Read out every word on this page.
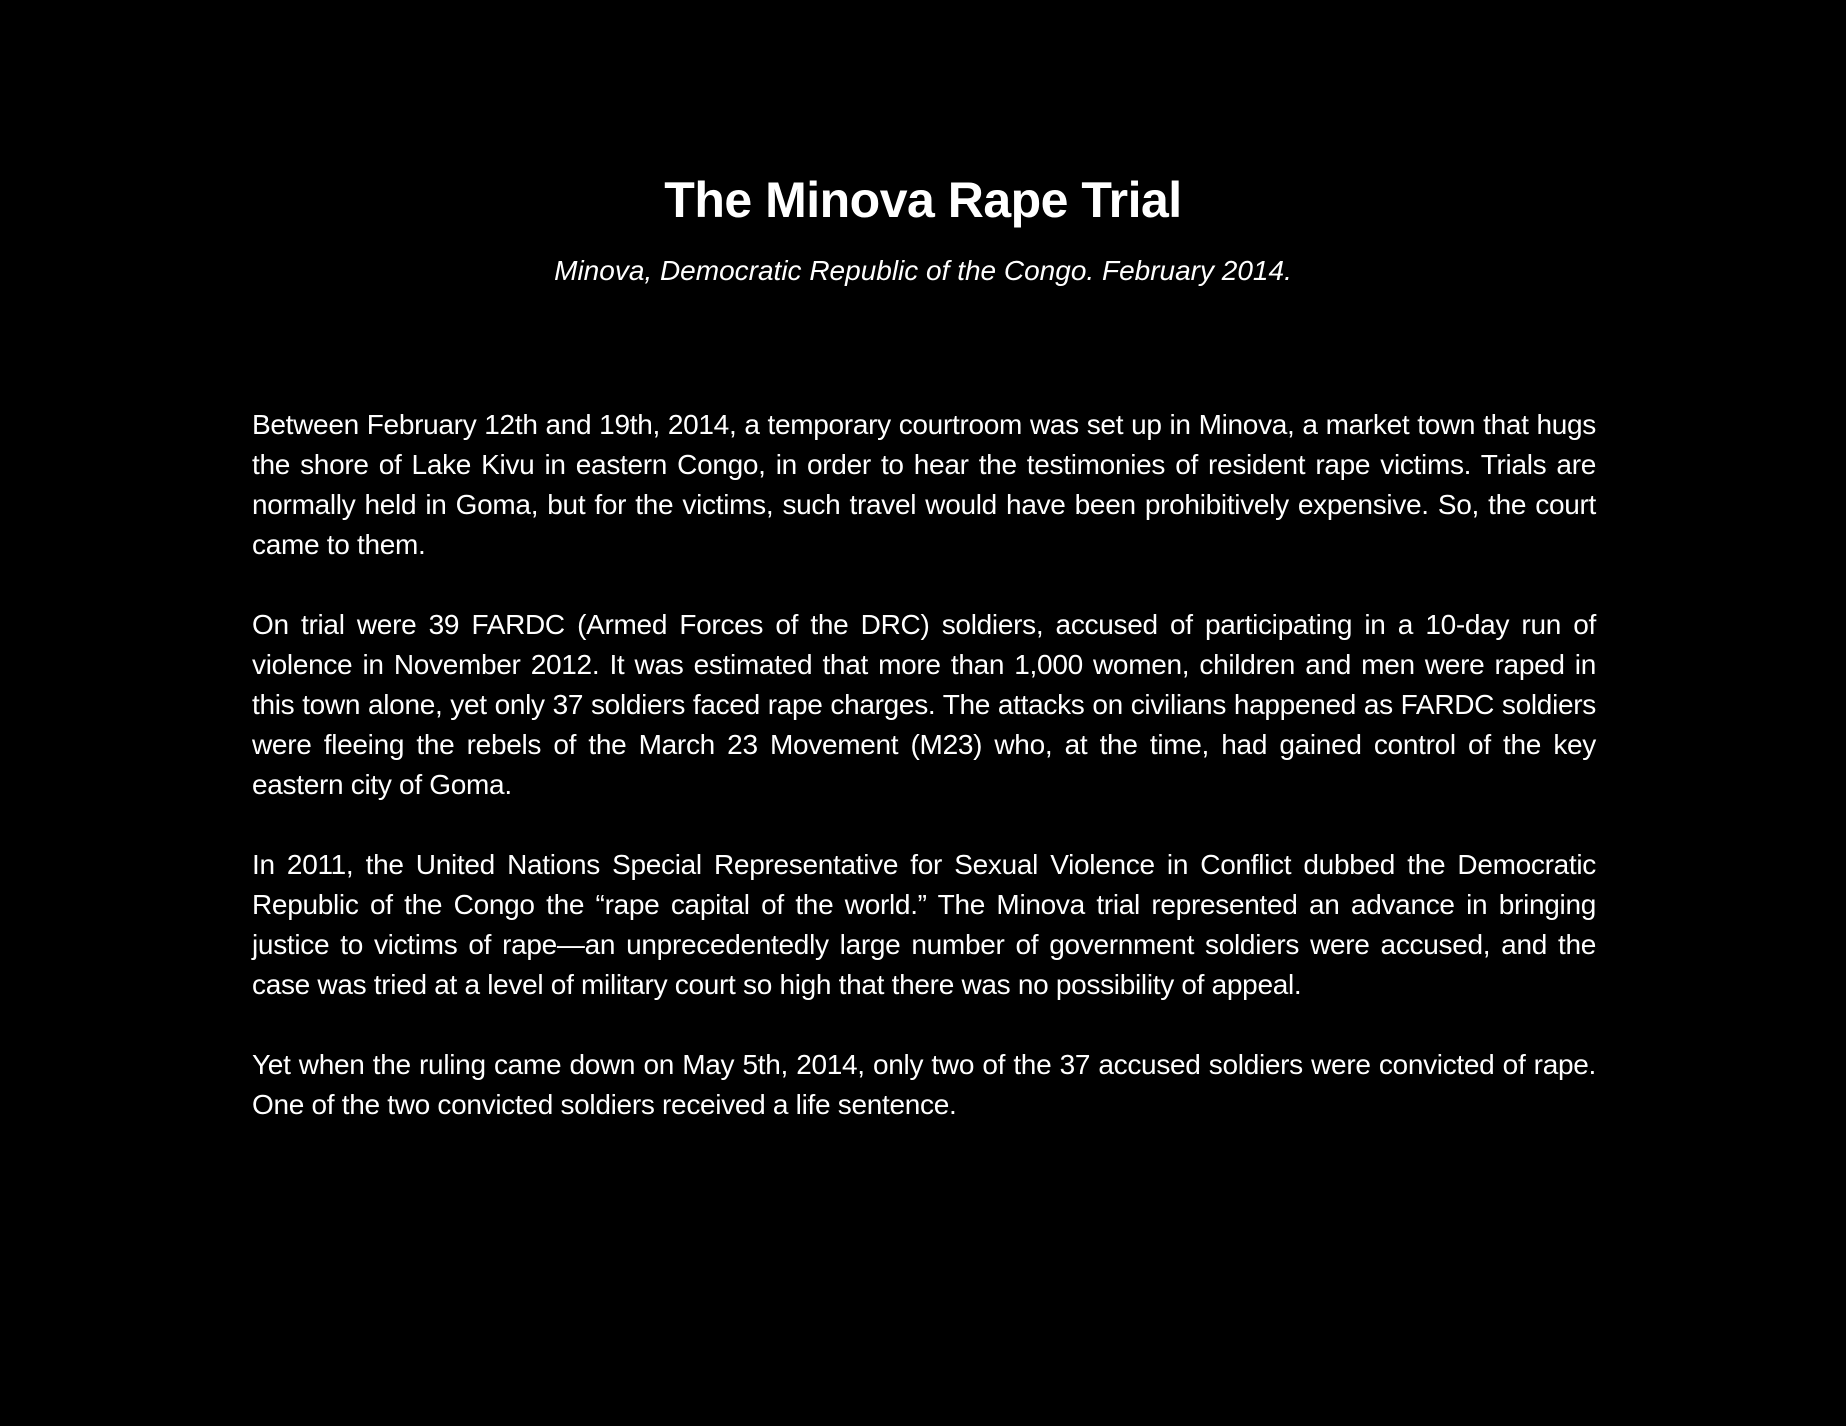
The Minova Rape Trial

Minova, Democratic Republic of the Congo. February 2014.

Between February 12th and 19th, 2014, a temporary courtroom was set up in Minova, a market town that hugs the shore of Lake Kivu in eastern Congo, in order to hear the testimonies of resident rape victims. Trials are normally held in Goma, but for the victims, such travel would have been prohibitively expensive. So, the court came to them.

On trial were 39 FARDC (Armed Forces of the DRC) soldiers, accused of participating in a 10-day run of violence in November 2012. It was estimated that more than 1,000 women, children and men were raped in this town alone, yet only 37 soldiers faced rape charges. The attacks on civilians happened as FARDC soldiers were fleeing the rebels of the March 23 Movement (M23) who, at the time, had gained control of the key eastern city of Goma.

In 2011, the United Nations Special Representative for Sexual Violence in Conflict dubbed the Democratic Republic of the Congo the “rape capital of the world.” The Minova trial represented an advance in bringing justice to victims of rape—an unprecedentedly large number of government soldiers were accused, and the case was tried at a level of military court so high that there was no possibility of appeal.

Yet when the ruling came down on May 5th, 2014, only two of the 37 accused soldiers were convicted of rape. One of the two convicted soldiers received a life sentence.
